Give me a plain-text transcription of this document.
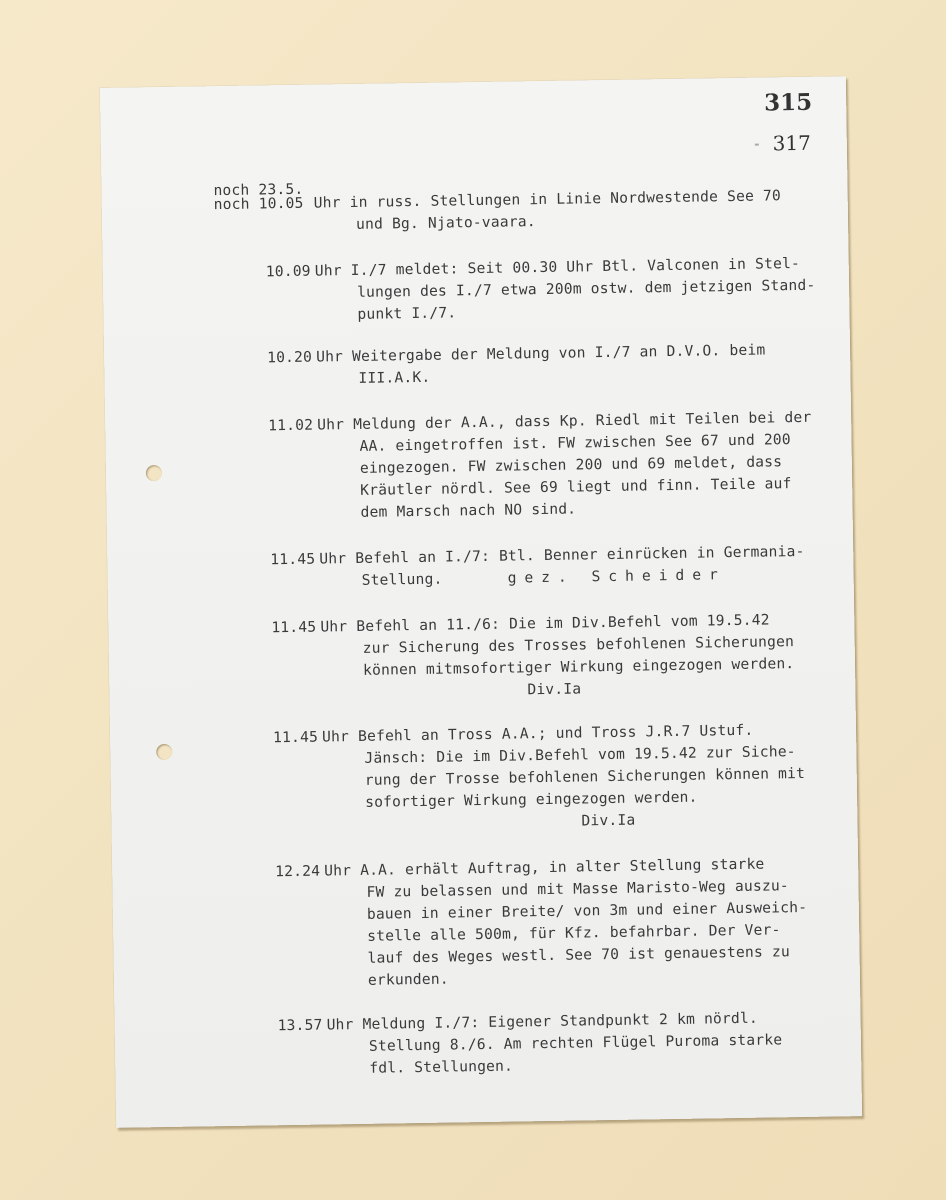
315
317
noch 23.5.
noch 10.05 Uhr in russ. Stellungen in Linie Nordwestende See 70
und Bg. Njato-vaara.
10.09 Uhr I./7 meldet: Seit 00.30 Uhr Btl. Valconen in Stel-
lungen des I./7 etwa 200m ostw. dem jetzigen Stand-
punkt I./7.
10.20 Uhr Weitergabe der Meldung von I./7 an D.V.O. beim
III.A.K.
11.02 Uhr Meldung der A.A., dass Kp. Riedl mit Teilen bei der
AA. eingetroffen ist. FW zwischen See 67 und 200
eingezogen. FW zwischen 200 und 69 meldet, dass
Kräutler nördl. See 69 liegt und finn. Teile auf
dem Marsch nach NO sind.
11.45 Uhr Befehl an I./7: Btl. Benner einrücken in Germania-
Stellung.	gez. Scheider
11.45 Uhr Befehl an 11./6: Die im Div.Befehl vom 19.5.42
zur Sicherung des Trosses befohlenen Sicherungen
können mitmsofortiger Wirkung eingezogen werden.
Div.Ia
11.45 Uhr Befehl an Tross A.A.; und Tross J.R.7 Ustuf.
Jänsch: Die im Div.Befehl vom 19.5.42 zur Siche-
rung der Trosse befohlenen Sicherungen können mit
sofortiger Wirkung eingezogen werden.
Div.Ia
12.24 Uhr A.A. erhält Auftrag, in alter Stellung starke
FW zu belassen und mit Masse Maristo-Weg auszu-
bauen in einer Breite/ von 3m und einer Ausweich-
stelle alle 500m, für Kfz. befahrbar. Der Ver-
lauf des Weges westl. See 70 ist genauestens zu
erkunden.
13.57 Uhr Meldung I./7: Eigener Standpunkt 2 km nördl.
Stellung 8./6. Am rechten Flügel Puroma starke
fdl. Stellungen.
